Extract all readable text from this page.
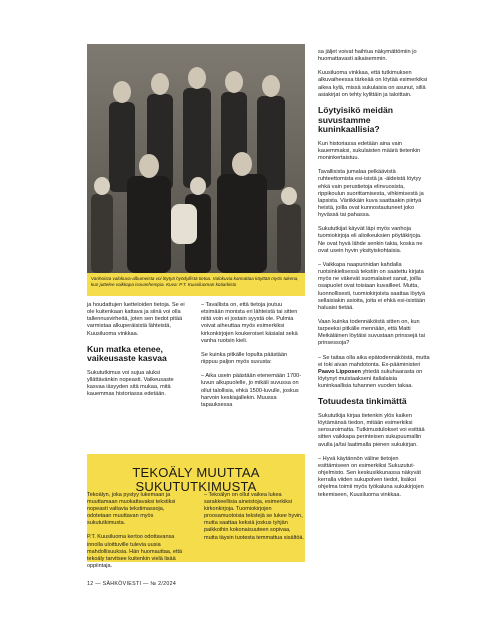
Vanhoista valokuva-albumeista voi löytyä hyödyllistä tietoa. Valokuvia kannattaa käyttää myös tukena, kun juttelee vaikkapa isovanhempia. Kuva: P.T. Kuusiluoman kotiarkisto

ja houdattujen luetteloiden tietoja. Se ei ole kuitenkaan kattava ja siinä voi olla tallennusvirheitä, joten sen tiedot pitää varmistaa alkuperäisistä lähteistä, Kuusiluoma vinkkaa.

Kun matka etenee, vaikeusaste kasvaa

Sukututkimus voi sujua aluksi yllättävänkin nopeasti. Vaikeusaste kasvaa iäsyyden sitä mukaa, mitä kauemmas historiassa edetään.

– Tavallista on, että tietoja joutuu etsimään monista eri lähteistä tai sitten niitä voin ei jostain syystä ole. Pulmia voivat aiheuttaa myös esimerkiksi kirkonkirjojen koukeroiset käsialat sekä vanha ruotsin kieli.

Se kuinka pitkälle lopulta päästään riippuu paljon myös suvusta:

– Aika usein päästään etenemään 1700-luvun alkupuolelle, jo mikäli suvussa on ollut talollisia, ehkä 1500-luvulle, joskus harvoin keskiajallekin. Muussa tapauksessa

sa jäljet voivat haihtua näkymättömiin jo huomattavasti aikaisemmin.

Kuusiluoma vinkkaa, että tutkimuksen alkuvaiheessa tärkeää on löytää esimerkiksi aikea kylä, missä sukulaisia on asunut, sillä asiakirjat on tehty kylittäin ja taloittain.

Löytyisikö meidän suvustamme kuninkaallisia?

Kun historiassa edetään aina vain kauemmaksi, sukulaisten määrä tietenkin moninkertaistuu.

Tavallisista jumalaa pelkäävistä ruhteettomista esi-isistä ja -äideistä löytyy ehkä vain perustietoja elinvuosista, rippikoulun suorittamisesta, vihkimisestä ja lapsista. Väriikkäin kuva saattaakin piirtyä heistä, joilla ovat kunnostautuneet joko hyvässä tai pahassa.

Sukututkijat käyvät läpi myös vanhoja tuomiokirjoja eli alioikeuksien pöytäkirjoja. Ne ovat hyvä lähde senkin takia, koska ne ovat usein hyvin yksityiskohtaisia.

– Vaikkapa naapurinidan kahdalla ruotsinkielisessä tekstiin on saatettu kirjata myös ne väkevät suomalaiset sanat, joilla osapuolet ovat toisiaan kuvailleet. Mutta, luonnollisesti, tuomiokirjoista saattaa löytyä sellaisiakin asioita, joita ei ehkä esi-isistään haluaisi tietää.

Vaan kuinka todennäköistä sitten on, kun tarpeeksi pitkälle mennään, että Matti Meikäläinen löytäisi suvustaan prinssejä tai prinsessoja?

– Se taitaa olla aika epätodennäköistä, mutta ei toki aivan mahdotonta. Ex-pääministeri Paavo Lipposen yhtedä sukuhaarasta on löytynyt muistaakseni italialaisia kuninkaallisia tuhannen vuoden takaa.

Totuudesta tinkimättä

Sukututkija kirjaa tietenkin ylös kaiken löytämänsä tiedon, mitään esimerkiksi sensuroimatta. Tutkimustulokset voi esittää sitten vaikkapa perinteisen sukupuumallin avulla ja/tai laatimalla pienen sukukirjan.

– Hyvä käytännön väline tietojen esittämiseen on esimerkiksi Sukuzutut-ohjelmisto. Sen keskusikkunassa näkyvät kerralla viiden sukupolven tiedot, lisäksi ohjelma toimii myös työkaluna sukukirjojen tekemiseen, Kuusiluoma vinkkaa.

TEKOÄLY MUUTTAA SUKUTUTKIMUSTA

Tekoälyn, joka pystyy lukemaan ja muuttamaan muokattavaksi tekstiksi nopeasti valtavia tekstimassoja, odotetaan muuttavan myös sukututkimusta.

P.T. Kuusiluoma kertoo odottavansa innolla uloittuville tulevia uusia mahdollisuuksia. Hän huomauttaa, että tekoäly tarvitsee kuitenkin vielä lisää oppiintaja.

– Tekoälyn on ollut vaikea lukea sarakkeellisia aineistoja, esimerkiksi kirkonkirjoja. Tuomiokirjojen proosamuotoisia tekstejä se lukee hyvin, mutta saattaa keksiä joskus tyhjän paikkoihin kokonaisuuteen sopivaa, mutta täysin tuotesta temmattua sisältöä.

12 — SÄHKÖVIESTI — № 2/2024
